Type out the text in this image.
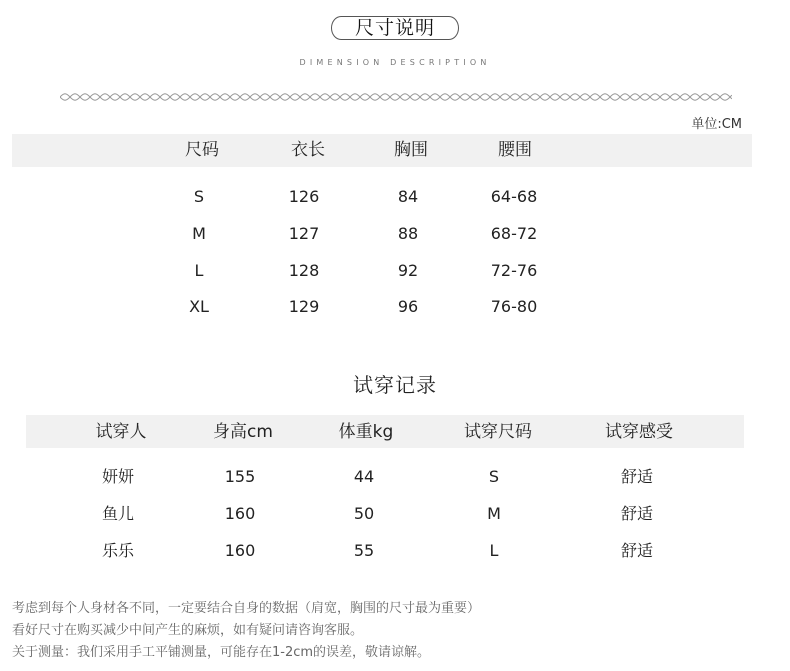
尺寸说明
DIMENSION DESCRIPTION
单位:CM
尺码	衣长	胸围	腰围
S	126	84	64-68
M	127	88	68-72
L	128	92	72-76
XL	129	96	76-80
试穿记录
试穿人	身高cm	体重kg	试穿尺码	试穿感受
妍妍	155	44	S	舒适
鱼儿	160	50	M	舒适
乐乐	160	55	L	舒适
考虑到每个人身材各不同，一定要结合自身的数据（肩宽，胸围的尺寸最为重要）
看好尺寸在购买减少中间产生的麻烦，如有疑问请咨询客服。
关于测量：我们采用手工平铺测量，可能存在1-2cm的误差，敬请谅解。
